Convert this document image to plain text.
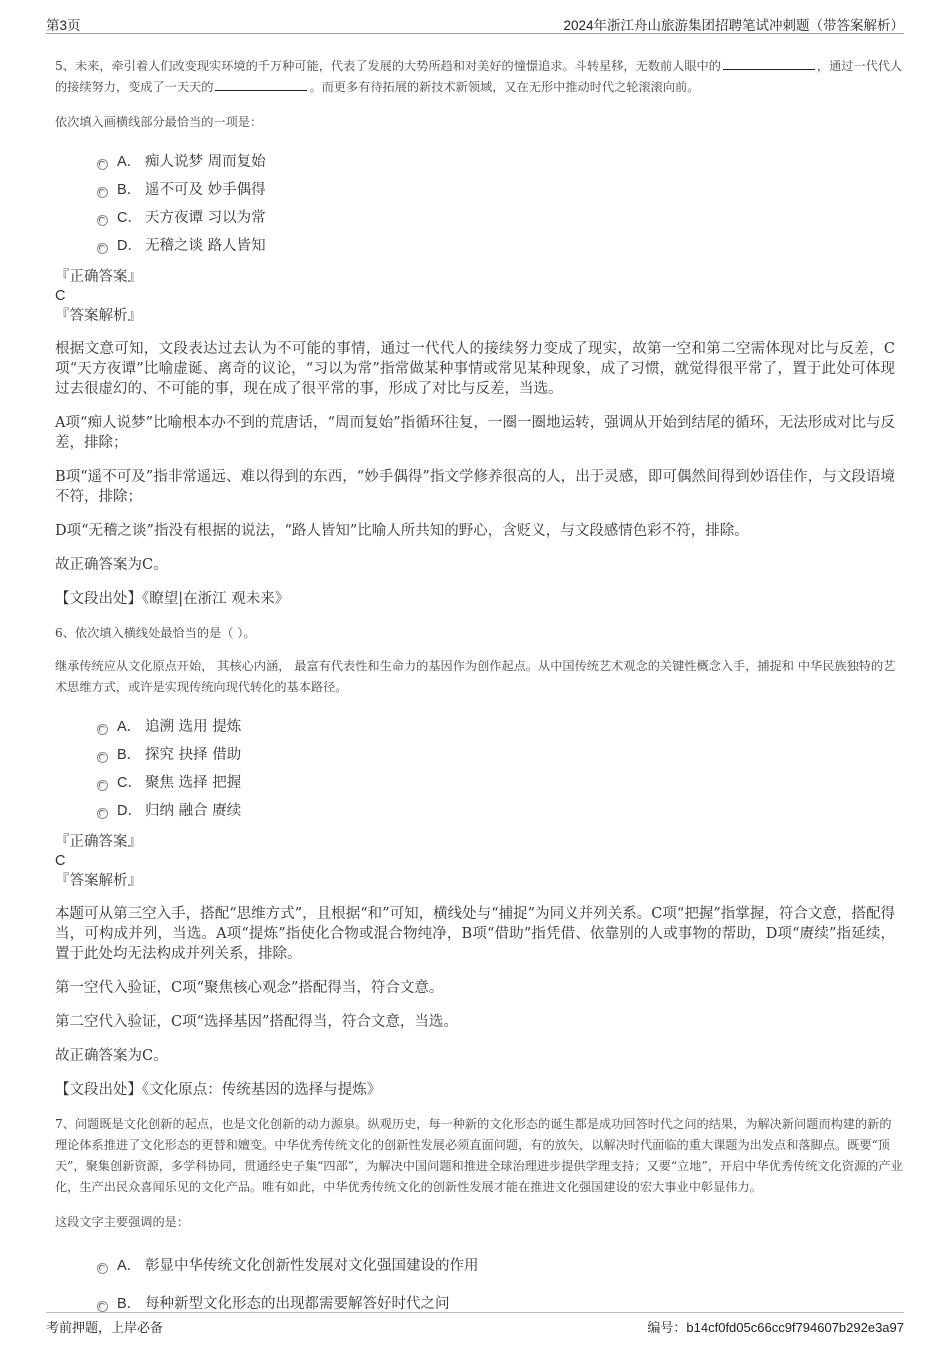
第3页	2024年浙江舟山旅游集团招聘笔试冲刺题（带答案解析）

5、未来，牵引着人们改变现实环境的千万种可能，代表了发展的大势所趋和对美好的憧憬追求。斗转星移，无数前人眼中的	，通过一代代人的接续努力，变成了一天天的	。而更多有待拓展的新技术新领域，又在无形中推动时代之轮滚滚向前。

依次填入画横线部分最恰当的一项是：

A． 痴人说梦 周而复始
B． 遥不可及 妙手偶得
C． 天方夜谭 习以为常
D． 无稽之谈 路人皆知

『正确答案』

C

『答案解析』

根据文意可知，文段表达过去认为不可能的事情，通过一代代人的接续努力变成了现实，故第一空和第二空需体现对比与反差，C项“天方夜谭”比喻虚诞、离奇的议论，“习以为常”指常做某种事情或常见某种现象，成了习惯，就觉得很平常了，置于此处可体现过去很虚幻的、不可能的事，现在成了很平常的事，形成了对比与反差，当选。

A项“痴人说梦”比喻根本办不到的荒唐话，“周而复始”指循环往复，一圈一圈地运转，强调从开始到结尾的循环，无法形成对比与反差，排除；

B项“遥不可及”指非常遥远、难以得到的东西，“妙手偶得”指文学修养很高的人，出于灵感，即可偶然间得到妙语佳作，与文段语境不符，排除；

D项“无稽之谈”指没有根据的说法，“路人皆知”比喻人所共知的野心，含贬义，与文段感情色彩不符，排除。

故正确答案为C。

【文段出处】《瞭望|在浙江 观未来》

6、依次填入横线处最恰当的是（ ）。

继承传统应从文化原点开始， 其核心内涵， 最富有代表性和生命力的基因作为创作起点。从中国传统艺术观念的关键性概念入手，捕捉和 中华民族独特的艺术思维方式，或许是实现传统向现代转化的基本路径。

A． 追溯 选用 提炼
B． 探究 抉择 借助
C． 聚焦 选择 把握
D． 归纳 融合 赓续

『正确答案』

C

『答案解析』

本题可从第三空入手，搭配“思维方式”，且根据“和”可知，横线处与“捕捉”为同义并列关系。C项“把握”指掌握，符合文意，搭配得当，可构成并列，当选。A项“提炼”指使化合物或混合物纯净，B项“借助”指凭借、依靠别的人或事物的帮助，D项“赓续”指延续，置于此处均无法构成并列关系，排除。

第一空代入验证，C项“聚焦核心观念”搭配得当，符合文意。

第二空代入验证，C项“选择基因”搭配得当，符合文意，当选。

故正确答案为C。

【文段出处】《文化原点：传统基因的选择与提炼》

7、问题既是文化创新的起点，也是文化创新的动力源泉。纵观历史，每一种新的文化形态的诞生都是成功回答时代之问的结果，为解决新问题而构建的新的理论体系推进了文化形态的更替和嬗变。中华优秀传统文化的创新性发展必须直面问题，有的放矢，以解决时代面临的重大课题为出发点和落脚点。既要“顶天”，聚集创新资源，多学科协同，贯通经史子集“四部”，为解决中国问题和推进全球治理进步提供学理支持；又要“立地”，开启中华优秀传统文化资源的产业化，生产出民众喜闻乐见的文化产品。唯有如此，中华优秀传统文化的创新性发展才能在推进文化强国建设的宏大事业中彰显伟力。

这段文字主要强调的是：

A． 彰显中华传统文化创新性发展对文化强国建设的作用
B． 每种新型文化形态的出现都需要解答好时代之问
考前押题，上岸必备	编号：b14cf0fd05c66cc9f794607b292e3a97
